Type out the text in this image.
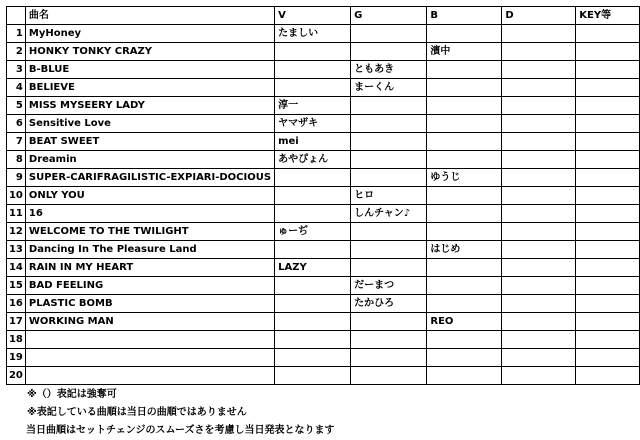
	曲名	V	G	B	D	KEY等
1	MyHoney	たましい				
2	HONKY TONKY CRAZY			濱中		
3	B-BLUE		ともあき			
4	BELIEVE		まーくん			
5	MISS MYSEERY LADY	淳一				
6	Sensitive Love	ヤマザキ				
7	BEAT SWEET	mei				
8	Dreamin	あやぴょん				
9	SUPER-CARIFRAGILISTIC-EXPIARI-DOCIOUS			ゆうじ		
10	ONLY YOU		ヒロ			
11	16		しんチャン♪			
12	WELCOME TO THE TWILIGHT	ゅーぢ				
13	Dancing In The Pleasure Land			はじめ		
14	RAIN IN MY HEART	LAZY				
15	BAD FEELING		だーまつ			
16	PLASTIC BOMB		たかひろ			
17	WORKING MAN			REO		
18						
19						
20						
※（）表記は強奪可
※表記している曲順は当日の曲順ではありません
当日曲順はセットチェンジのスムーズさを考慮し当日発表となります
